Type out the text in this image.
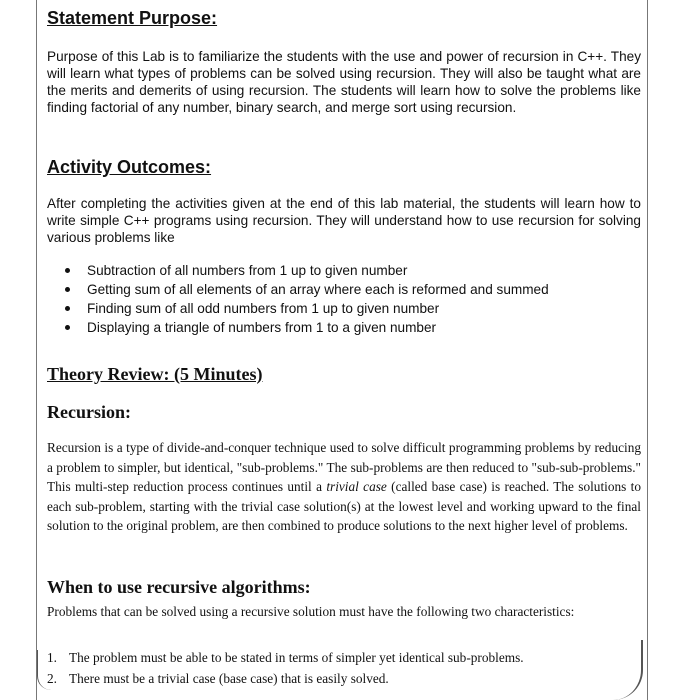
Statement Purpose:
Purpose of this Lab is to familiarize the students with the use and power of recursion in C++. They will learn what types of problems can be solved using recursion. They will also be taught what are the merits and demerits of using recursion. The students will learn how to solve the problems like finding factorial of any number, binary search, and merge sort using recursion.
Activity Outcomes:
After completing the activities given at the end of this lab material, the students will learn how to write simple C++ programs using recursion. They will understand how to use recursion for solving various problems like
Subtraction of all numbers from 1 up to given number
Getting sum of all elements of an array where each is reformed and summed
Finding sum of all odd numbers from 1 up to given number
Displaying a triangle of numbers from 1 to a given number
Theory Review: (5 Minutes)
Recursion:
Recursion is a type of divide-and-conquer technique used to solve difficult programming problems by reducing a problem to simpler, but identical, "sub-problems." The sub-problems are then reduced to "sub-sub-problems." This multi-step reduction process continues until a trivial case (called base case) is reached. The solutions to each sub-problem, starting with the trivial case solution(s) at the lowest level and working upward to the final solution to the original problem, are then combined to produce solutions to the next higher level of problems.
When to use recursive algorithms:
Problems that can be solved using a recursive solution must have the following two characteristics:
1. The problem must be able to be stated in terms of simpler yet identical sub-problems.
2. There must be a trivial case (base case) that is easily solved.
